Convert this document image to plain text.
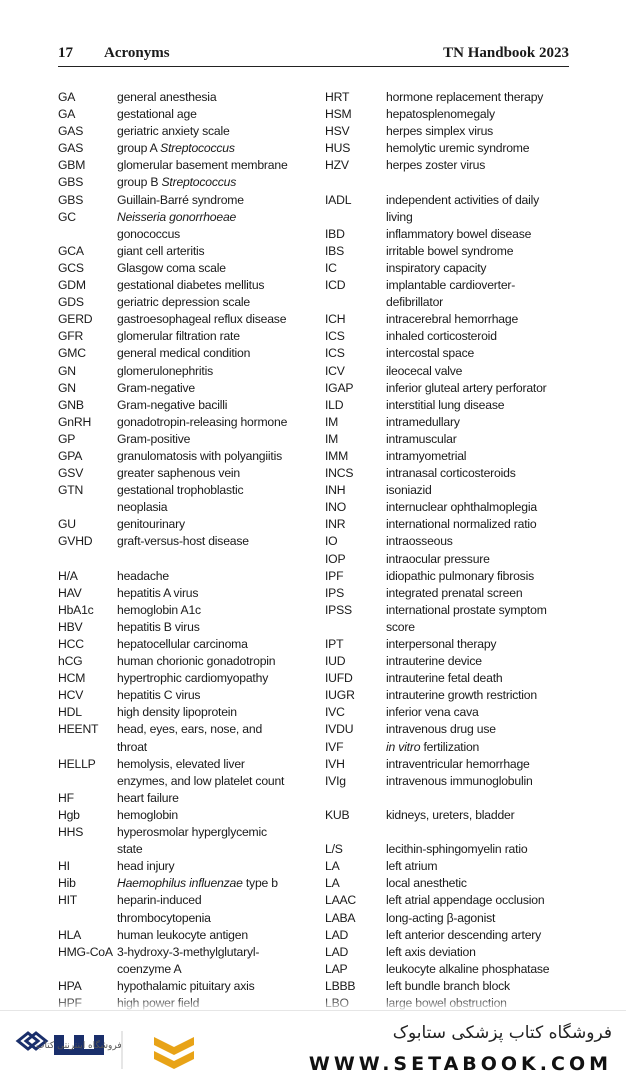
17 Acronyms	TN Handbook 2023
GA	general anesthesia
GA	gestational age
GAS	geriatric anxiety scale
GAS	group A Streptococcus
GBM	glomerular basement membrane
GBS	group B Streptococcus
GBS	Guillain-Barré syndrome
GC	Neisseria gonorrhoeae
gonococcus
GCA	giant cell arteritis
GCS	Glasgow coma scale
GDM	gestational diabetes mellitus
GDS	geriatric depression scale
GERD	gastroesophageal reflux disease
GFR	glomerular filtration rate
GMC	general medical condition
GN	glomerulonephritis
GN	Gram-negative
GNB	Gram-negative bacilli
GnRH	gonadotropin-releasing hormone
GP	Gram-positive
GPA	granulomatosis with polyangiitis
GSV	greater saphenous vein
GTN	gestational trophoblastic
neoplasia
GU	genitourinary
GVHD	graft-versus-host disease
H/A	headache
HAV	hepatitis A virus
HbA1c	hemoglobin A1c
HBV	hepatitis B virus
HCC	hepatocellular carcinoma
hCG	human chorionic gonadotropin
HCM	hypertrophic cardiomyopathy
HCV	hepatitis C virus
HDL	high density lipoprotein
HEENT	head, eyes, ears, nose, and
throat
HELLP	hemolysis, elevated liver
enzymes, and low platelet count
HF	heart failure
Hgb	hemoglobin
HHS	hyperosmolar hyperglycemic
state
HI	head injury
Hib	Haemophilus influenzae type b
HIT	heparin-induced
thrombocytopenia
HLA	human leukocyte antigen
HMG-CoA 3-hydroxy-3-methylglutaryl-
coenzyme A
HPA	hypothalamic pituitary axis
HPF	high power field
HRT	hormone replacement therapy
HSM	hepatosplenomegaly
HSV	herpes simplex virus
HUS	hemolytic uremic syndrome
HZV	herpes zoster virus
IADL	independent activities of daily
living
IBD	inflammatory bowel disease
IBS	irritable bowel syndrome
IC	inspiratory capacity
ICD	implantable cardioverter-
defibrillator
ICH	intracerebral hemorrhage
ICS	inhaled corticosteroid
ICS	intercostal space
ICV	ileocecal valve
IGAP	inferior gluteal artery perforator
ILD	interstitial lung disease
IM	intramedullary
IM	intramuscular
IMM	intramyometrial
INCS	intranasal corticosteroids
INH	isoniazid
INO	internuclear ophthalmoplegia
INR	international normalized ratio
IO	intraosseous
IOP	intraocular pressure
IPF	idiopathic pulmonary fibrosis
IPS	integrated prenatal screen
IPSS	international prostate symptom
score
IPT	interpersonal therapy
IUD	intrauterine device
IUFD	intrauterine fetal death
IUGR	intrauterine growth restriction
IVC	inferior vena cava
IVDU	intravenous drug use
IVF	in vitro fertilization
IVH	intraventricular hemorrhage
IVIg	intravenous immunoglobulin
KUB	kidneys, ureters, bladder
L/S	lecithin-sphingomyelin ratio
LA	left atrium
LA	local anesthetic
LAAC	left atrial appendage occlusion
LABA	long-acting β-agonist
LAD	left anterior descending artery
LAD	left axis deviation
LAP	leukocyte alkaline phosphatase
LBBB	left bundle branch block
LBO	large bowel obstruction
فروشگاه اینترنتی کتاب
فروشگاه کتاب پزشکی ستابوک
WWW.SETABOOK.COM
